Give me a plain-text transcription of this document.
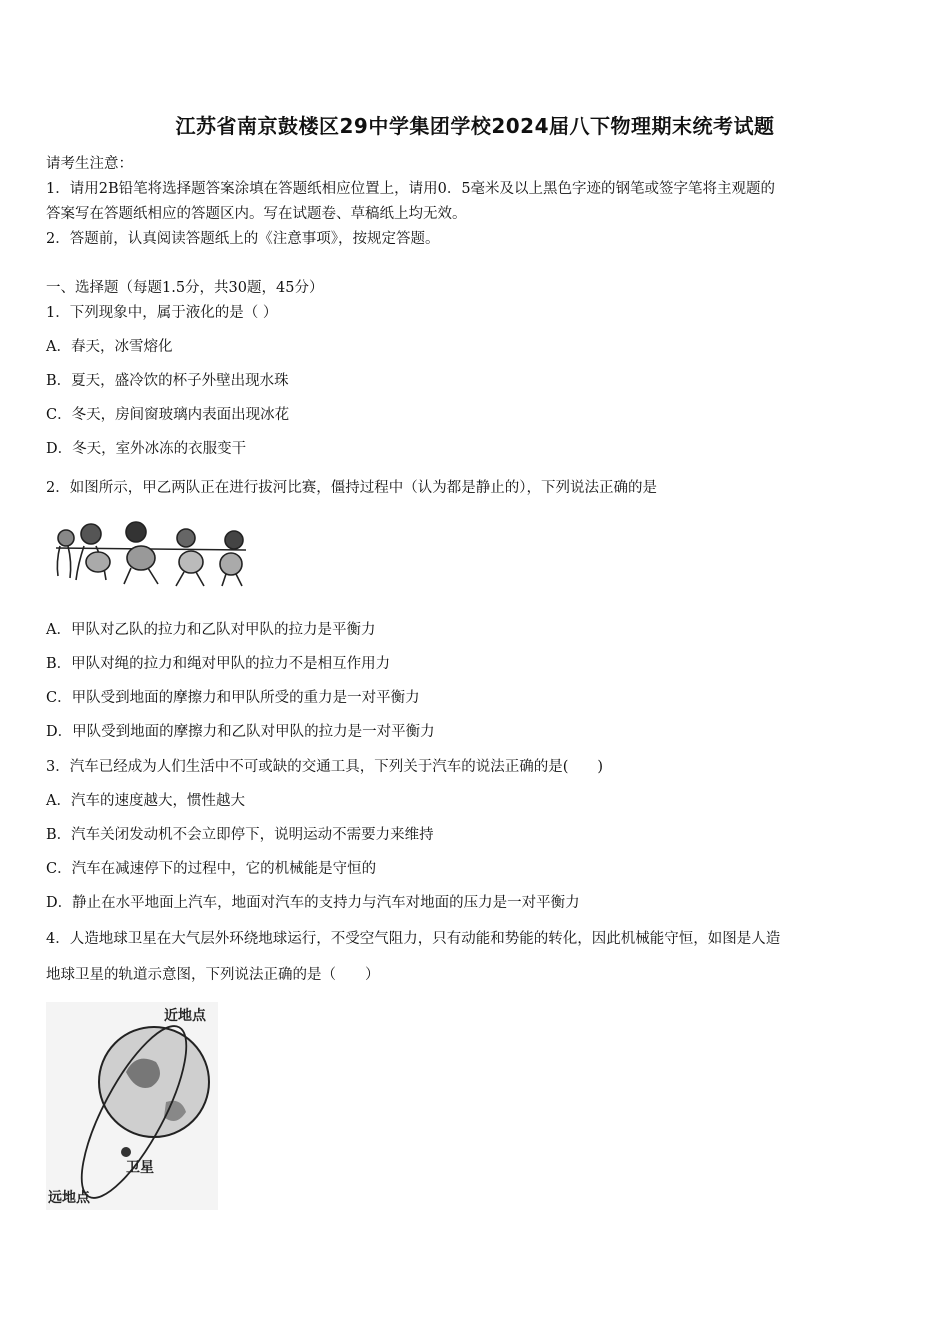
江苏省南京鼓楼区29中学集团学校2024届八下物理期末统考试题
请考生注意：
1．请用2B铅笔将选择题答案涂填在答题纸相应位置上，请用0．5毫米及以上黑色字迹的钢笔或签字笔将主观题的
答案写在答题纸相应的答题区内。写在试题卷、草稿纸上均无效。
2．答题前，认真阅读答题纸上的《注意事项》，按规定答题。
一、选择题（每题1.5分，共30题，45分）
1．下列现象中，属于液化的是（ ）
A．春天，冰雪熔化
B．夏天，盛冷饮的杯子外壁出现水珠
C．冬天，房间窗玻璃内表面出现冰花
D．冬天，室外冰冻的衣服变干
2．如图所示，甲乙两队正在进行拔河比赛，僵持过程中（认为都是静止的），下列说法正确的是
A．甲队对乙队的拉力和乙队对甲队的拉力是平衡力
B．甲队对绳的拉力和绳对甲队的拉力不是相互作用力
C．甲队受到地面的摩擦力和甲队所受的重力是一对平衡力
D．甲队受到地面的摩擦力和乙队对甲队的拉力是一对平衡力
3．汽车已经成为人们生活中不可或缺的交通工具，下列关于汽车的说法正确的是(　　)
A．汽车的速度越大，惯性越大
B．汽车关闭发动机不会立即停下，说明运动不需要力来维持
C．汽车在减速停下的过程中，它的机械能是守恒的
D．静止在水平地面上汽车，地面对汽车的支持力与汽车对地面的压力是一对平衡力
4．人造地球卫星在大气层外环绕地球运行，不受空气阻力，只有动能和势能的转化，因此机械能守恒，如图是人造
地球卫星的轨道示意图，下列说法正确的是（　　）
近地点
卫星
远地点
